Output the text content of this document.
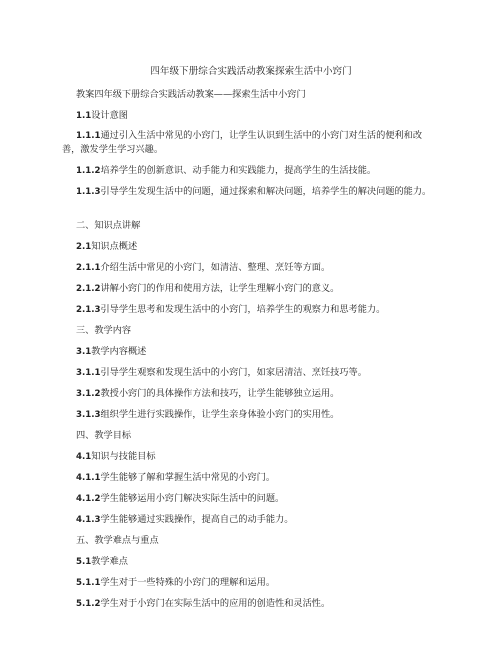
四年级下册综合实践活动教案探索生活中小窍门
教案四年级下册综合实践活动教案——探索生活中小窍门
1.1设计意图
1.1.1通过引入生活中常见的小窍门，让学生认识到生活中的小窍门对生活的便利和改善，激发学生学习兴趣。
1.1.2培养学生的创新意识、动手能力和实践能力，提高学生的生活技能。
1.1.3引导学生发现生活中的问题，通过探索和解决问题，培养学生的解决问题的能力。
二、知识点讲解
2.1知识点概述
2.1.1介绍生活中常见的小窍门，如清洁、整理、烹饪等方面。
2.1.2讲解小窍门的作用和使用方法，让学生理解小窍门的意义。
2.1.3引导学生思考和发现生活中的小窍门，培养学生的观察力和思考能力。
三、教学内容
3.1教学内容概述
3.1.1引导学生观察和发现生活中的小窍门，如家居清洁、烹饪技巧等。
3.1.2教授小窍门的具体操作方法和技巧，让学生能够独立运用。
3.1.3组织学生进行实践操作，让学生亲身体验小窍门的实用性。
四、教学目标
4.1知识与技能目标
4.1.1学生能够了解和掌握生活中常见的小窍门。
4.1.2学生能够运用小窍门解决实际生活中的问题。
4.1.3学生能够通过实践操作，提高自己的动手能力。
五、教学难点与重点
5.1教学难点
5.1.1学生对于一些特殊的小窍门的理解和运用。
5.1.2学生对于小窍门在实际生活中的应用的创造性和灵活性。
